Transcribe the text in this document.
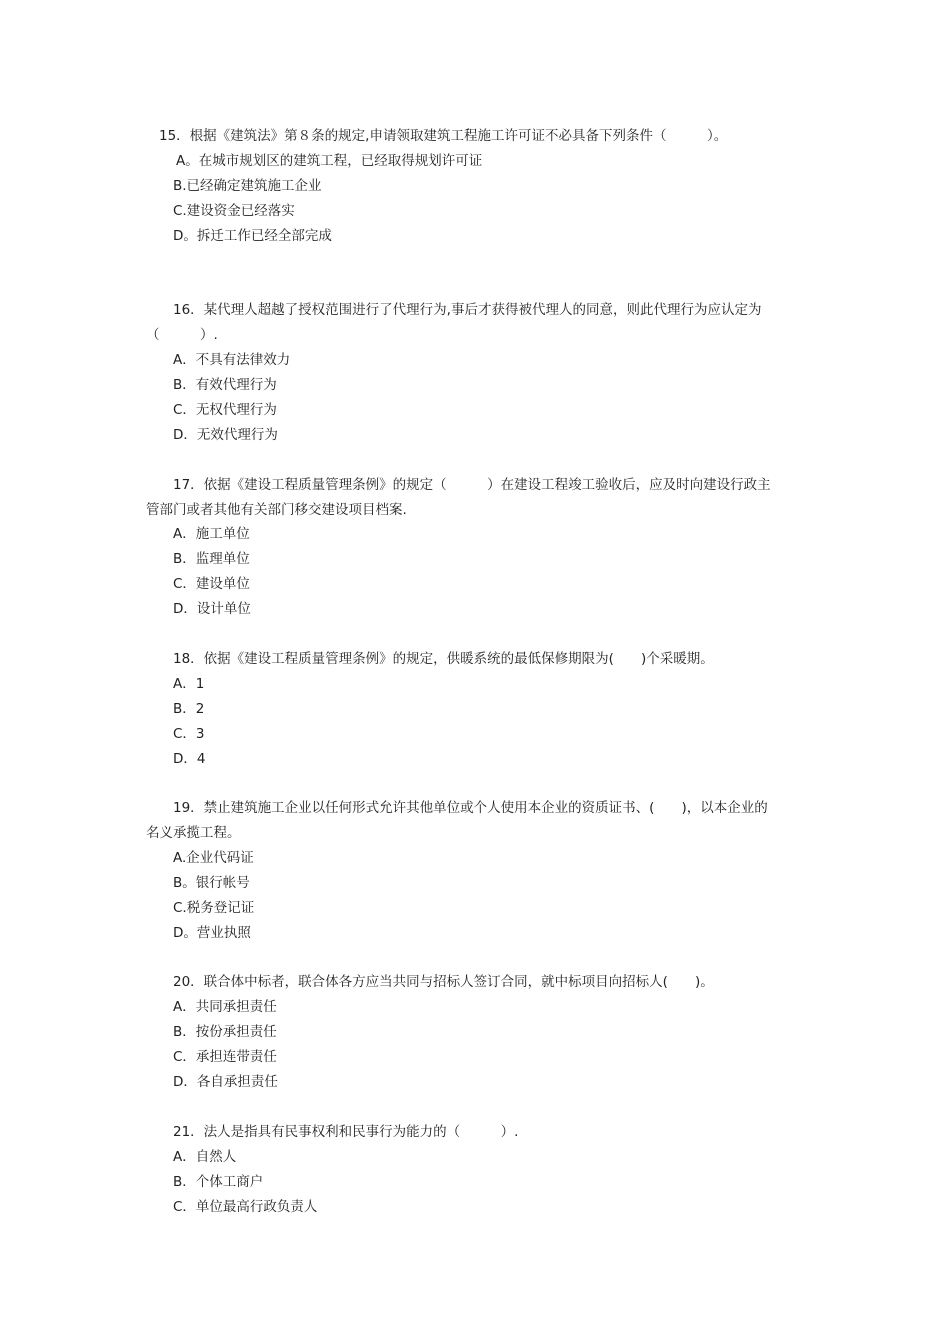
15．根据《建筑法》第８条的规定,申请领取建筑工程施工许可证不必具备下列条件（　　　）。
A。在城市规划区的建筑工程，已经取得规划许可证
B.已经确定建筑施工企业
C.建设资金已经落实
D。拆迁工作已经全部完成
16．某代理人超越了授权范围进行了代理行为,事后才获得被代理人的同意，则此代理行为应认定为
（　　　）.
A．不具有法律效力
B．有效代理行为
C．无权代理行为
D．无效代理行为
17．依据《建设工程质量管理条例》的规定（　　　）在建设工程竣工验收后，应及时向建设行政主
管部门或者其他有关部门移交建设项目档案.
A．施工单位
B．监理单位
C．建设单位
D．设计单位
18．依据《建设工程质量管理条例》的规定，供暖系统的最低保修期限为(　　)个采暖期。
A．1
B．2
C．3
D．4
19．禁止建筑施工企业以任何形式允许其他单位或个人使用本企业的资质证书、(　　)，以本企业的
名义承揽工程。
A.企业代码证
B。银行帐号
C.税务登记证
D。营业执照
20．联合体中标者，联合体各方应当共同与招标人签订合同，就中标项目向招标人(　　)。
A．共同承担责任
B．按份承担责任
C．承担连带责任
D．各自承担责任
21．法人是指具有民事权利和民事行为能力的（　　　）.
A．自然人
B．个体工商户
C．单位最高行政负责人
